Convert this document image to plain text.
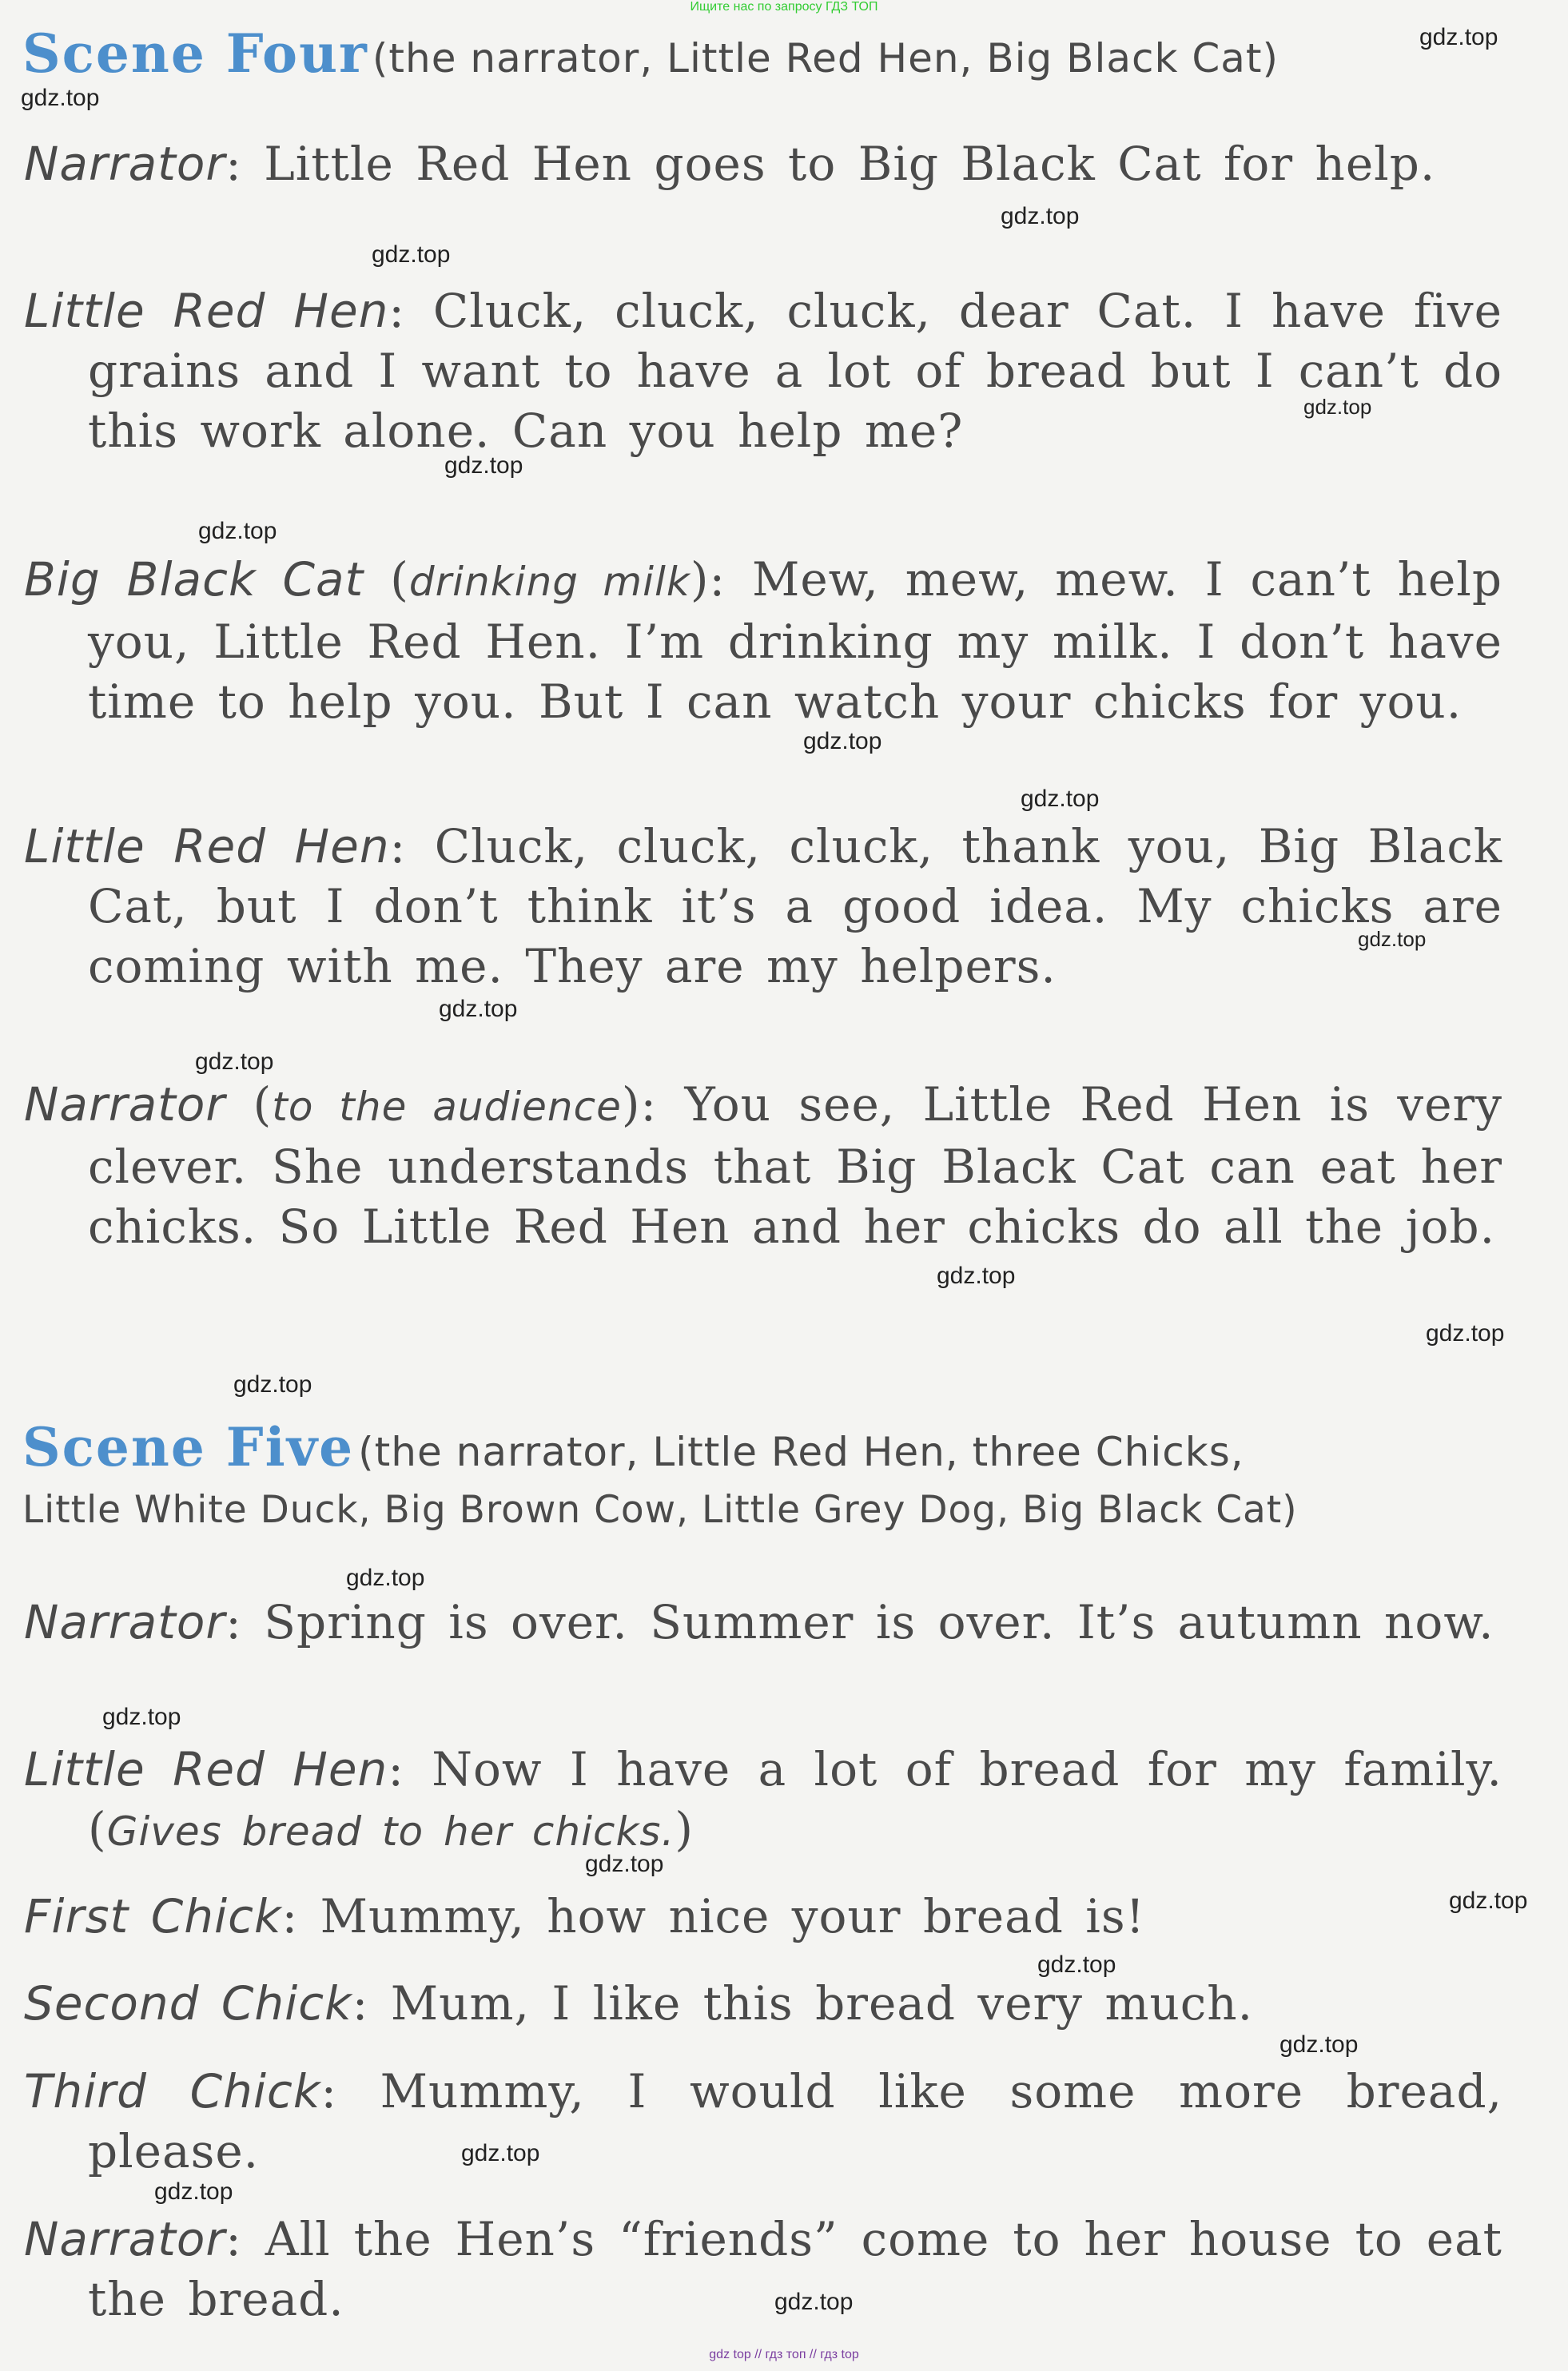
Ищите нас по запросу ГДЗ ТОП
Scene Four (the narrator, Little Red Hen, Big Black Cat)
Narrator: Little Red Hen goes to Big Black Cat for help.
Little Red Hen: Cluck, cluck, cluck, dear Cat. I have five grains and I want to have a lot of bread but I can’t do this work alone. Can you help me?
Big Black Cat (drinking milk): Mew, mew, mew. I can’t help you, Little Red Hen. I’m drinking my milk. I don’t have time to help you. But I can watch your chicks for you.
Little Red Hen: Cluck, cluck, cluck, thank you, Big Black Cat, but I don’t think it’s a good idea. My chicks are coming with me. They are my helpers.
Narrator (to the audience): You see, Little Red Hen is very clever. She understands that Big Black Cat can eat her chicks. So Little Red Hen and her chicks do all the job.
Scene Five (the narrator, Little Red Hen, three Chicks,
Little White Duck, Big Brown Cow, Little Grey Dog, Big Black Cat)
Narrator: Spring is over. Summer is over. It’s autumn now.
Little Red Hen: Now I have a lot of bread for my family. (Gives bread to her chicks.)
First Chick: Mummy, how nice your bread is!
Second Chick: Mum, I like this bread very much.
Third Chick: Mummy, I would like some more bread, please.
Narrator: All the Hen’s “friends” come to her house to eat the bread.
gdz.top
gdz.top
gdz.top
gdz.top
gdz.top
gdz.top
gdz.top
gdz.top
gdz.top
gdz.top
gdz.top
gdz.top
gdz.top
gdz.top
gdz.top
gdz.top
gdz.top
gdz.top
gdz.top
gdz.top
gdz.top
gdz.top
gdz.top
gdz.top
gdz top // гдз топ // гдз top
